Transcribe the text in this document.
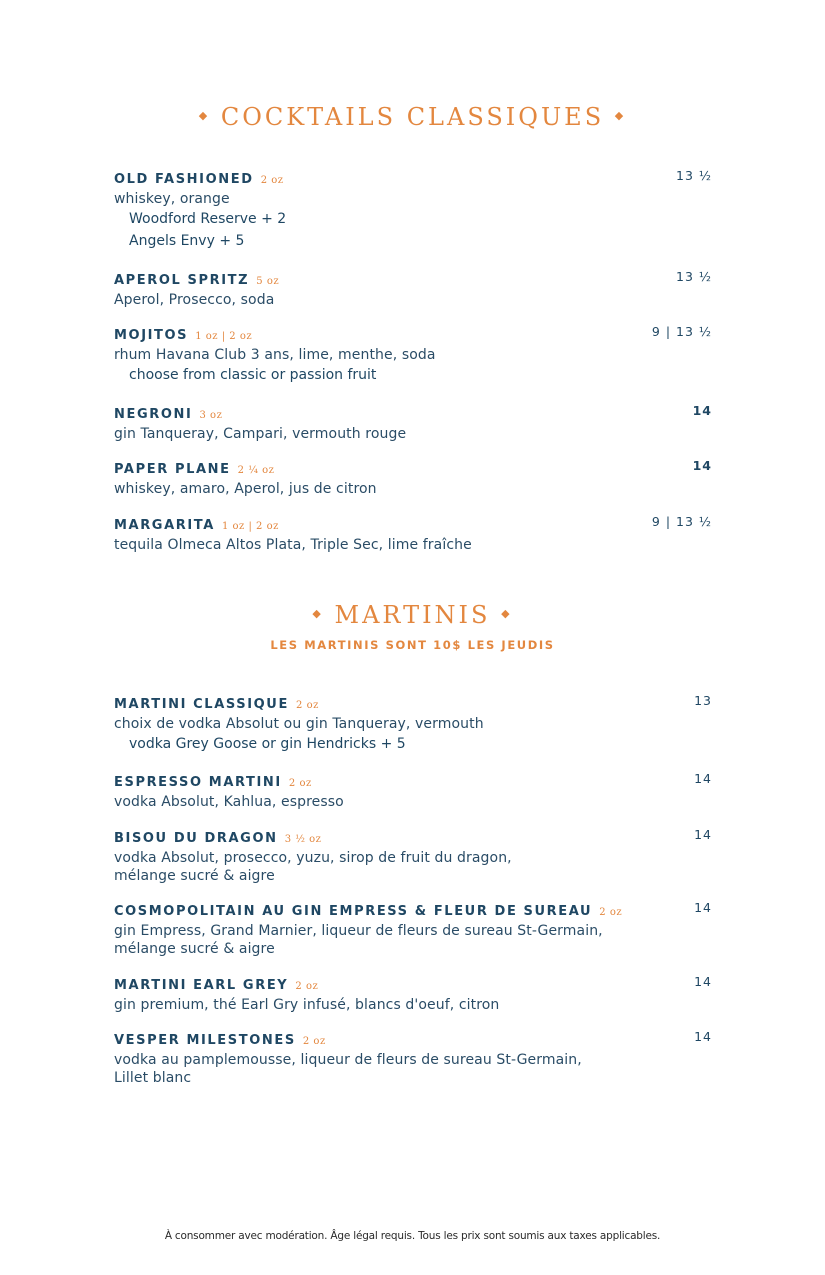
◆ COCKTAILS CLASSIQUES ◆
OLD FASHIONED 2 oz	13 ½
whiskey, orange
Woodford Reserve + 2
Angels Envy + 5
APEROL SPRITZ 5 oz	13 ½
Aperol, Prosecco, soda
MOJITOS 1 oz | 2 oz	9 | 13 ½
rhum Havana Club 3 ans, lime, menthe, soda
choose from classic or passion fruit
NEGRONI 3 oz	14
gin Tanqueray, Campari, vermouth rouge
PAPER PLANE 2 ¼ oz	14
whiskey, amaro, Aperol, jus de citron
MARGARITA 1 oz | 2 oz	9 | 13 ½
tequila Olmeca Altos Plata, Triple Sec, lime fraîche
◆ MARTINIS ◆
LES MARTINIS SONT 10$ LES JEUDIS
MARTINI CLASSIQUE 2 oz	13
choix de vodka Absolut ou gin Tanqueray, vermouth
vodka Grey Goose or gin Hendricks + 5
ESPRESSO MARTINI 2 oz	14
vodka Absolut, Kahlua, espresso
BISOU DU DRAGON 3 ½ oz	14
vodka Absolut, prosecco, yuzu, sirop de fruit du dragon,
mélange sucré & aigre
COSMOPOLITAIN AU GIN EMPRESS & FLEUR DE SUREAU 2 oz	14
gin Empress, Grand Marnier, liqueur de fleurs de sureau St-Germain,
mélange sucré & aigre
MARTINI EARL GREY 2 oz	14
gin premium, thé Earl Gry infusé, blancs d'oeuf, citron
VESPER MILESTONES 2 oz	14
vodka au pamplemousse, liqueur de fleurs de sureau St-Germain,
Lillet blanc
À consommer avec modération. Âge légal requis. Tous les prix sont soumis aux taxes applicables.
